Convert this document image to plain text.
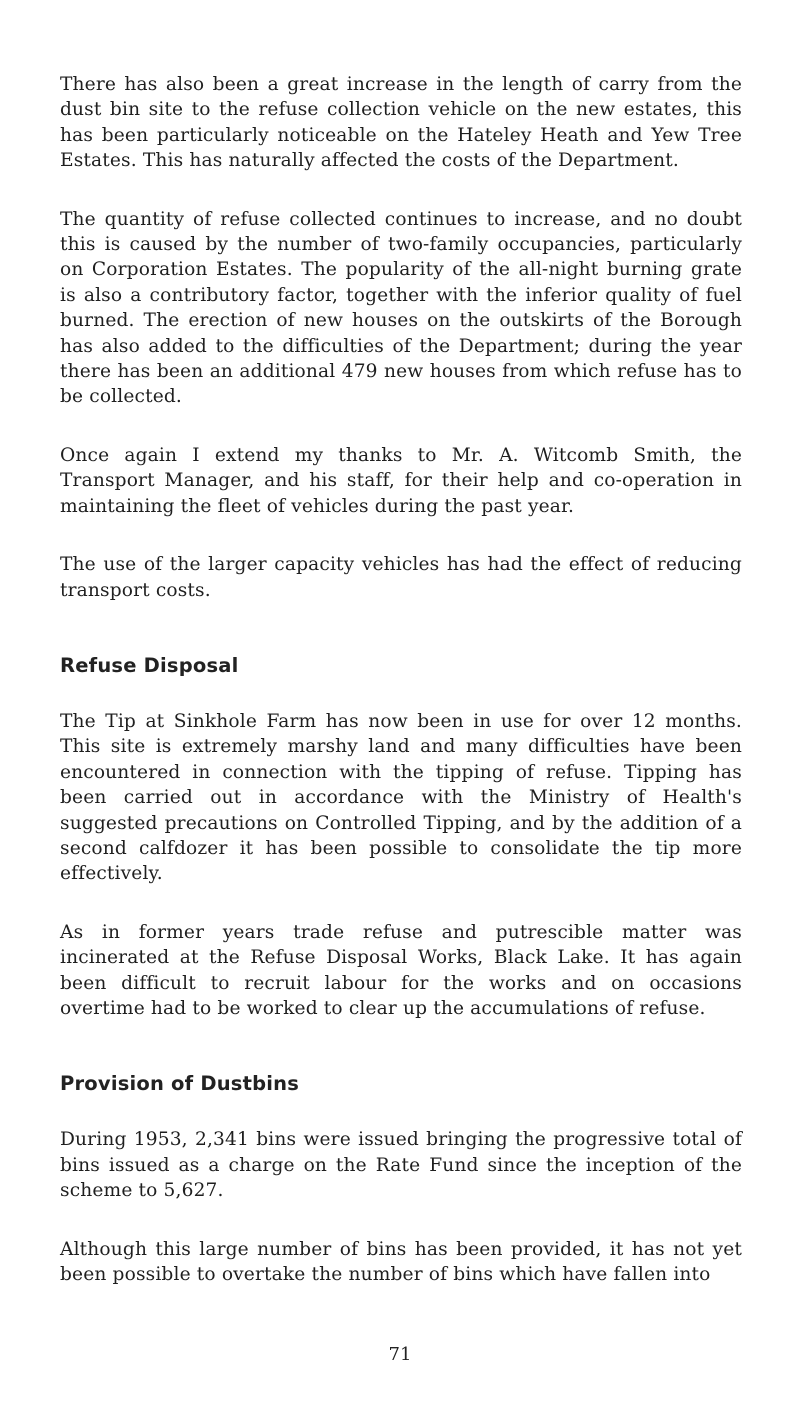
There has also been a great increase in the length of carry from the dust bin site to the refuse collection vehicle on the new estates, this has been particularly noticeable on the Hateley Heath and Yew Tree Estates. This has naturally affected the costs of the Department.

The quantity of refuse collected continues to increase, and no doubt this is caused by the number of two-family occupancies, particularly on Corporation Estates. The popularity of the all-night burning grate is also a contributory factor, together with the inferior quality of fuel burned. The erection of new houses on the outskirts of the Borough has also added to the difficulties of the Department; during the year there has been an additional 479 new houses from which refuse has to be collected.

Once again I extend my thanks to Mr. A. Witcomb Smith, the Transport Manager, and his staff, for their help and co-operation in maintaining the fleet of vehicles during the past year.

The use of the larger capacity vehicles has had the effect of reducing transport costs.

Refuse Disposal

The Tip at Sinkhole Farm has now been in use for over 12 months. This site is extremely marshy land and many difficulties have been encountered in connection with the tipping of refuse. Tipping has been carried out in accordance with the Ministry of Health's suggested precautions on Controlled Tipping, and by the addition of a second calfdozer it has been possible to consolidate the tip more effectively.

As in former years trade refuse and putrescible matter was incinerated at the Refuse Disposal Works, Black Lake. It has again been difficult to recruit labour for the works and on occasions overtime had to be worked to clear up the accumulations of refuse.

Provision of Dustbins

During 1953, 2,341 bins were issued bringing the progressive total of bins issued as a charge on the Rate Fund since the inception of the scheme to 5,627.

Although this large number of bins has been provided, it has not yet been possible to overtake the number of bins which have fallen into

71
